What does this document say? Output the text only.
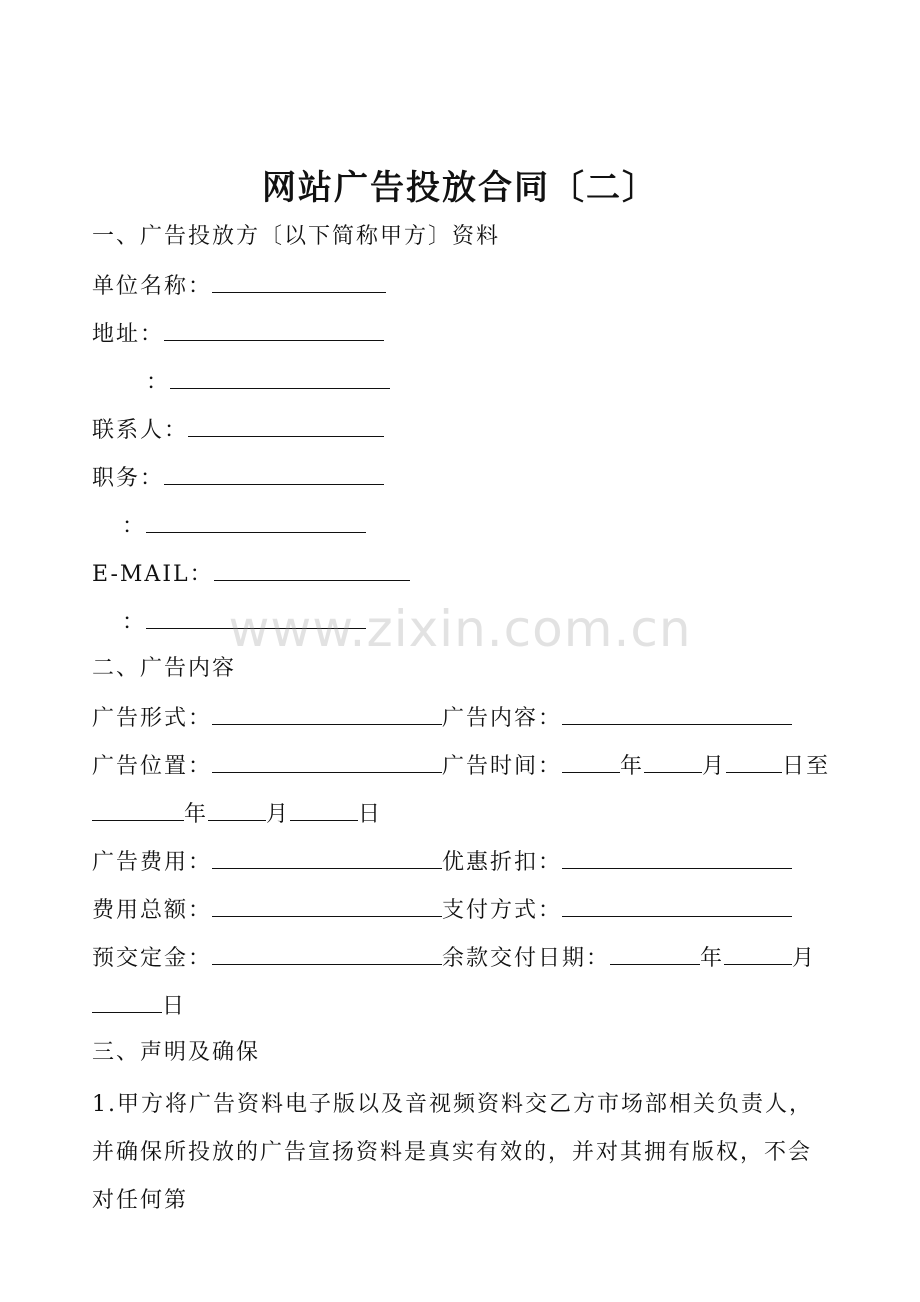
网站广告投放合同〔二〕
一、广告投放方〔以下简称甲方〕资料
单位名称：
地址：
：
联系人：
职务：
：
E-MAIL：
：
二、广告内容
广告形式：	广告内容：
广告位置：	广告时间：	年	月	日至
年	月	日
广告费用：	优惠折扣：
费用总额：	支付方式：
预交定金：	余款交付日期：	年	月
日
三、声明及确保
1.甲方将广告资料电子版以及音视频资料交乙方市场部相关负责人，并确保所投放的广告宣扬资料是真实有效的，并对其拥有版权，不会对任何第
www.zixin.com.cn
